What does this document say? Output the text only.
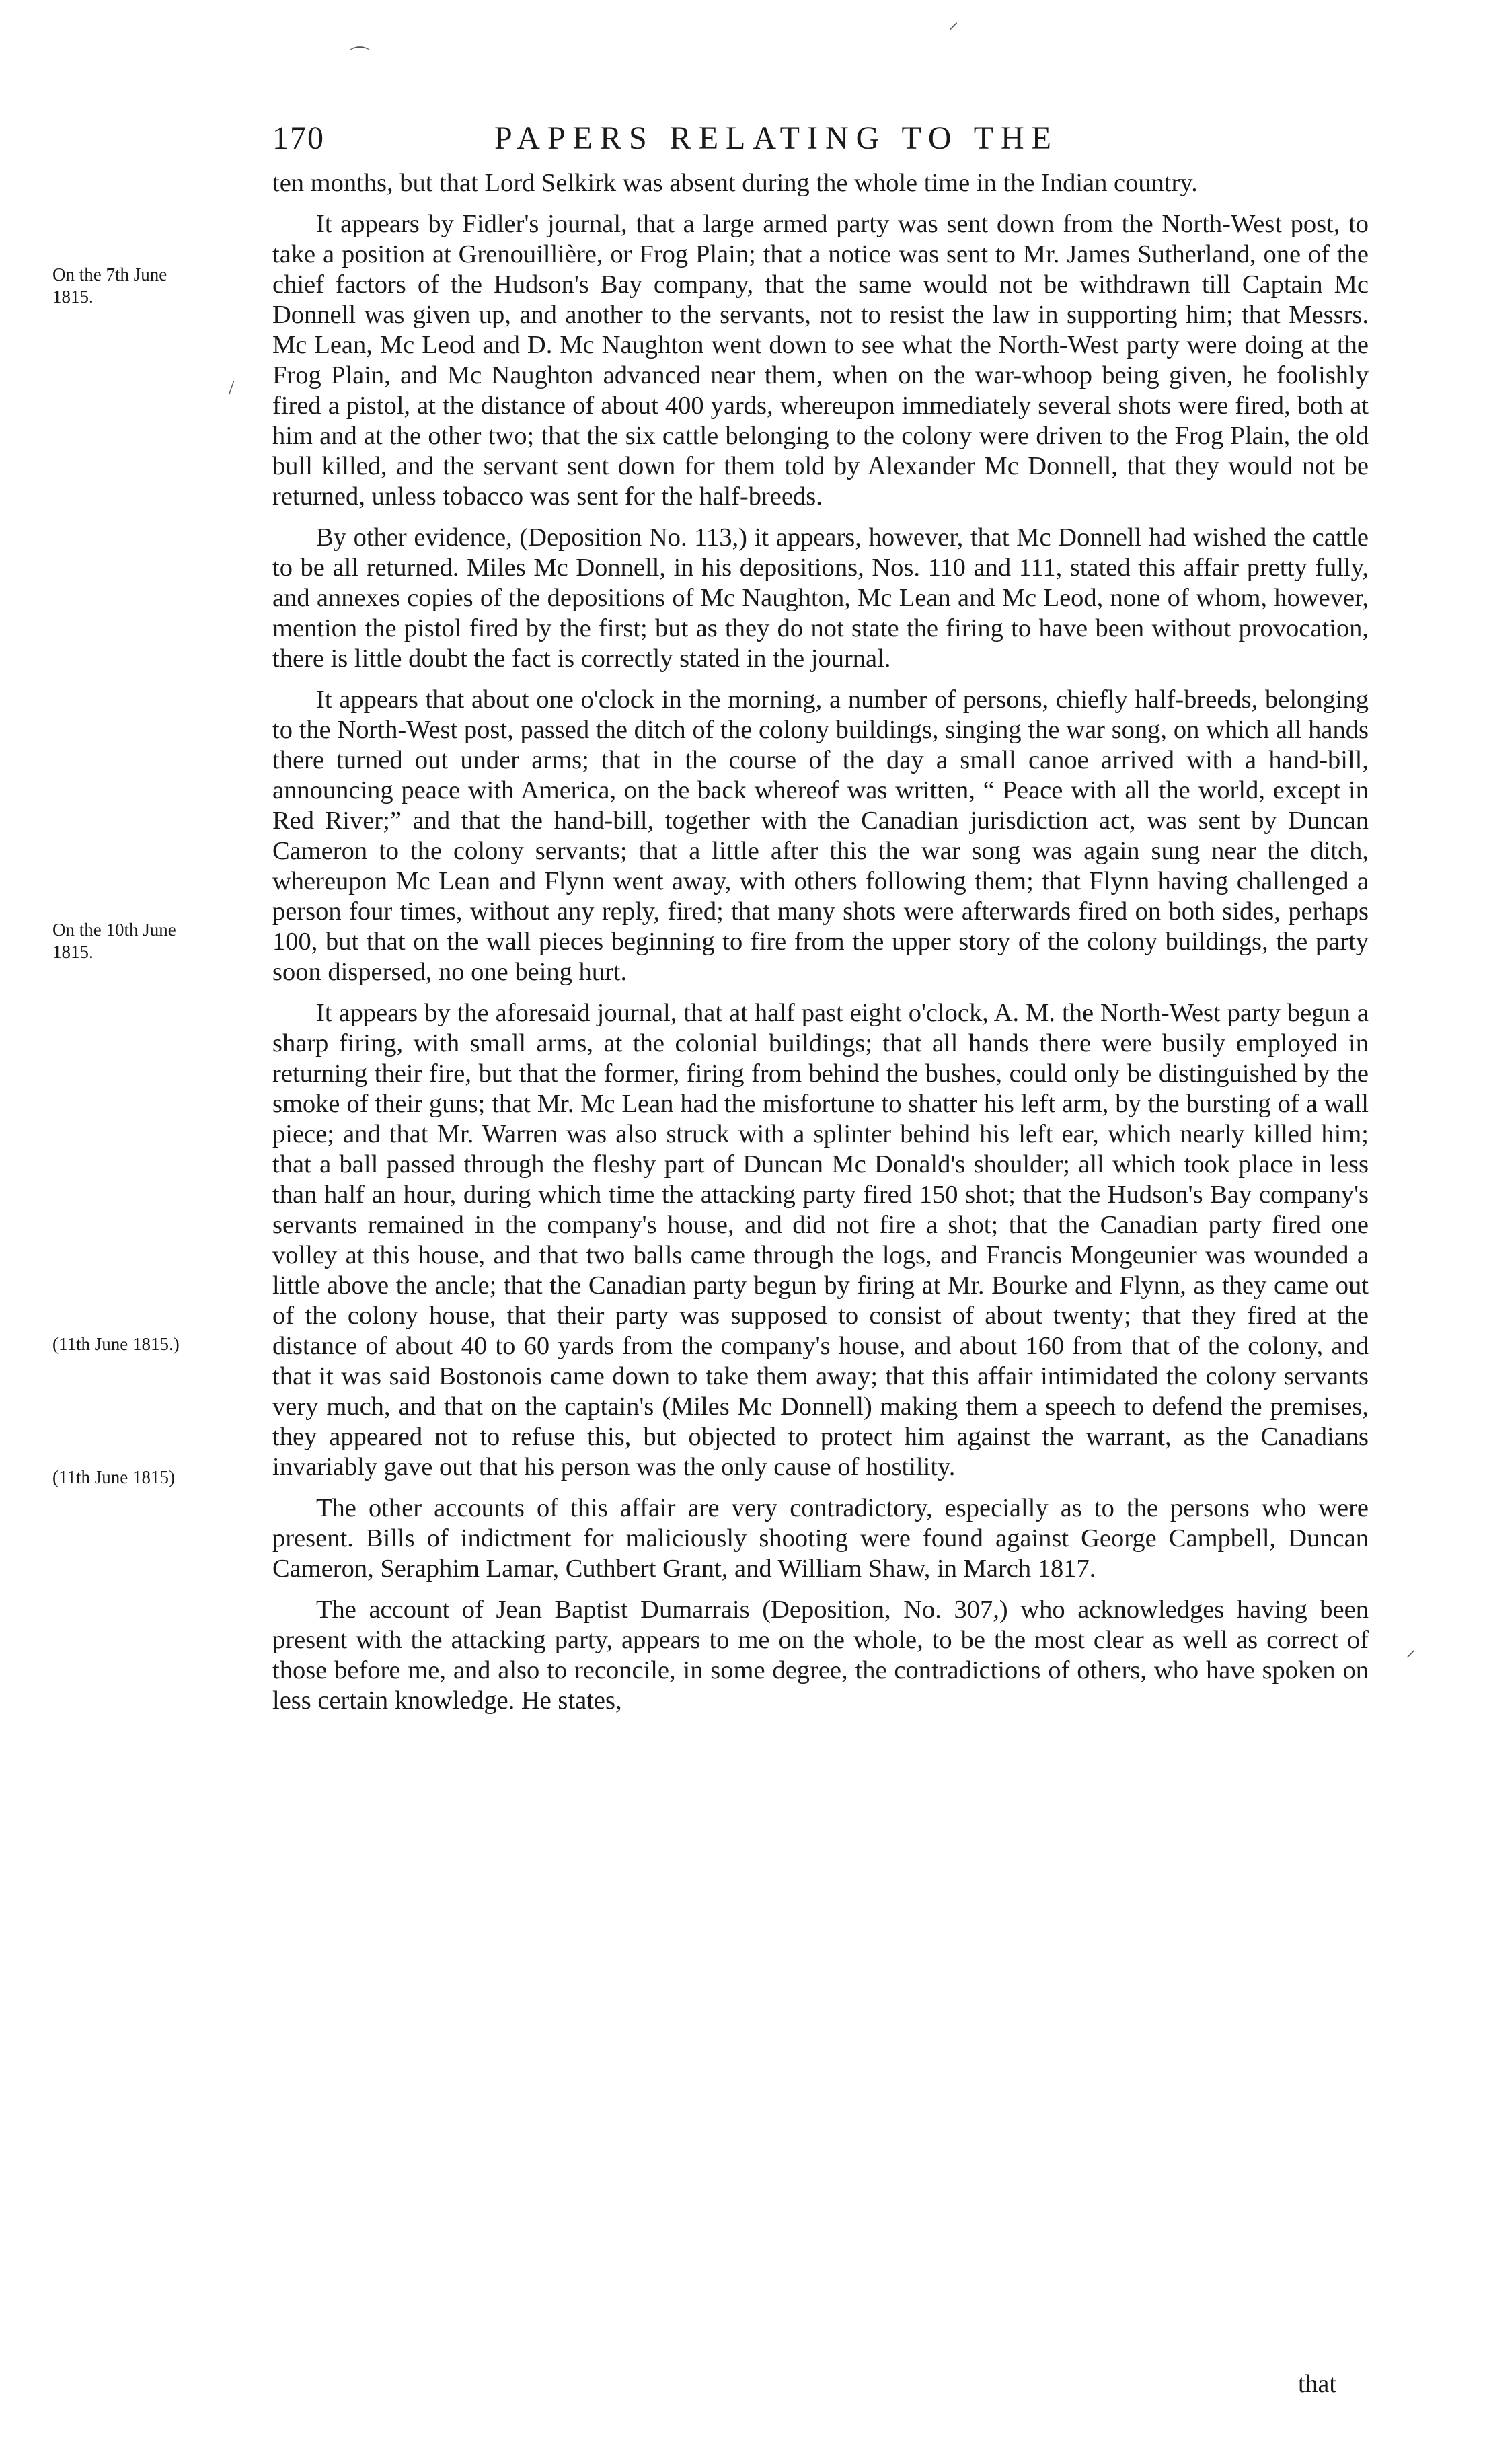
170	PAPERS RELATING TO THE
On the 7th June
1815.
On the 10th June
1815.
(11th June 1815.)
(11th June 1815)

ten months, but that Lord Selkirk was absent during the whole time in the Indian country.

It appears by Fidler's journal, that a large armed party was sent down from the North-West post, to take a position at Grenouillière, or Frog Plain; that a notice was sent to Mr. James Sutherland, one of the chief factors of the Hudson's Bay company, that the same would not be withdrawn till Captain Mc Donnell was given up, and another to the servants, not to resist the law in supporting him; that Messrs. Mc Lean, Mc Leod and D. Mc Naughton went down to see what the North-West party were doing at the Frog Plain, and Mc Naughton advanced near them, when on the war-whoop being given, he foolishly fired a pistol, at the distance of about 400 yards, whereupon immediately several shots were fired, both at him and at the other two; that the six cattle belonging to the colony were driven to the Frog Plain, the old bull killed, and the servant sent down for them told by Alexander Mc Donnell, that they would not be returned, unless tobacco was sent for the half-breeds.

By other evidence, (Deposition No. 113,) it appears, however, that Mc Donnell had wished the cattle to be all returned. Miles Mc Donnell, in his depositions, Nos. 110 and 111, stated this affair pretty fully, and annexes copies of the depositions of Mc Naughton, Mc Lean and Mc Leod, none of whom, however, mention the pistol fired by the first; but as they do not state the firing to have been without provocation, there is little doubt the fact is correctly stated in the journal.

It appears that about one o'clock in the morning, a number of persons, chiefly half-breeds, belonging to the North-West post, passed the ditch of the colony buildings, singing the war song, on which all hands there turned out under arms; that in the course of the day a small canoe arrived with a hand-bill, announcing peace with America, on the back whereof was written, “ Peace with all the world, except in Red River;” and that the hand-bill, together with the Canadian jurisdiction act, was sent by Duncan Cameron to the colony servants; that a little after this the war song was again sung near the ditch, whereupon Mc Lean and Flynn went away, with others following them; that Flynn having challenged a person four times, without any reply, fired; that many shots were afterwards fired on both sides, perhaps 100, but that on the wall pieces beginning to fire from the upper story of the colony buildings, the party soon dispersed, no one being hurt.

It appears by the aforesaid journal, that at half past eight o'clock, A. M. the North-West party begun a sharp firing, with small arms, at the colonial buildings; that all hands there were busily employed in returning their fire, but that the former, firing from behind the bushes, could only be distinguished by the smoke of their guns; that Mr. Mc Lean had the misfortune to shatter his left arm, by the bursting of a wall piece; and that Mr. Warren was also struck with a splinter behind his left ear, which nearly killed him; that a ball passed through the fleshy part of Duncan Mc Donald's shoulder; all which took place in less than half an hour, during which time the attacking party fired 150 shot; that the Hudson's Bay company's servants remained in the company's house, and did not fire a shot; that the Canadian party fired one volley at this house, and that two balls came through the logs, and Francis Mongeunier was wounded a little above the ancle; that the Canadian party begun by firing at Mr. Bourke and Flynn, as they came out of the colony house, that their party was supposed to consist of about twenty; that they fired at the distance of about 40 to 60 yards from the company's house, and about 160 from that of the colony, and that it was said Bostonois came down to take them away; that this affair intimidated the colony servants very much, and that on the captain's (Miles Mc Donnell) making them a speech to defend the premises, they appeared not to refuse this, but objected to protect him against the warrant, as the Canadians invariably gave out that his person was the only cause of hostility.

The other accounts of this affair are very contradictory, especially as to the persons who were present. Bills of indictment for maliciously shooting were found against George Campbell, Duncan Cameron, Seraphim Lamar, Cuthbert Grant, and William Shaw, in March 1817.

The account of Jean Baptist Dumarrais (Deposition, No. 307,) who acknowledges having been present with the attacking party, appears to me on the whole, to be the most clear as well as correct of those before me, and also to reconcile, in some degree, the contradictions of others, who have spoken on less certain knowledge. He states,

that
⌒
⸝
/
⸝
